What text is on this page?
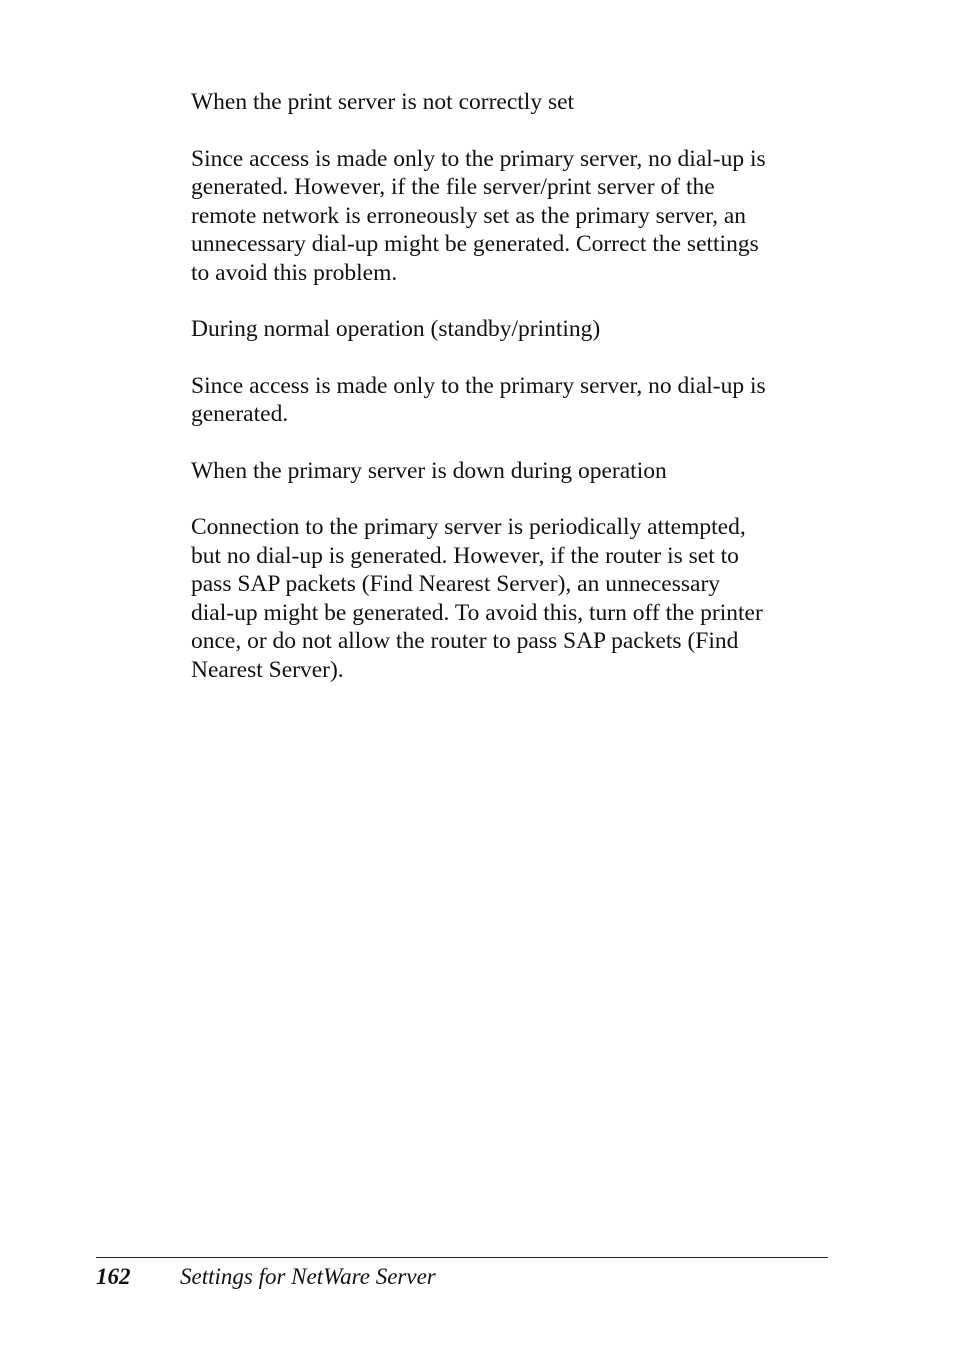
When the print server is not correctly set

Since access is made only to the primary server, no dial-up is
generated. However, if the file server/print server of the
remote network is erroneously set as the primary server, an
unnecessary dial-up might be generated. Correct the settings
to avoid this problem.

During normal operation (standby/printing)

Since access is made only to the primary server, no dial-up is
generated.

When the primary server is down during operation

Connection to the primary server is periodically attempted,
but no dial-up is generated. However, if the router is set to
pass SAP packets (Find Nearest Server), an unnecessary
dial-up might be generated. To avoid this, turn off the printer
once, or do not allow the router to pass SAP packets (Find
Nearest Server).

162 Settings for NetWare Server
